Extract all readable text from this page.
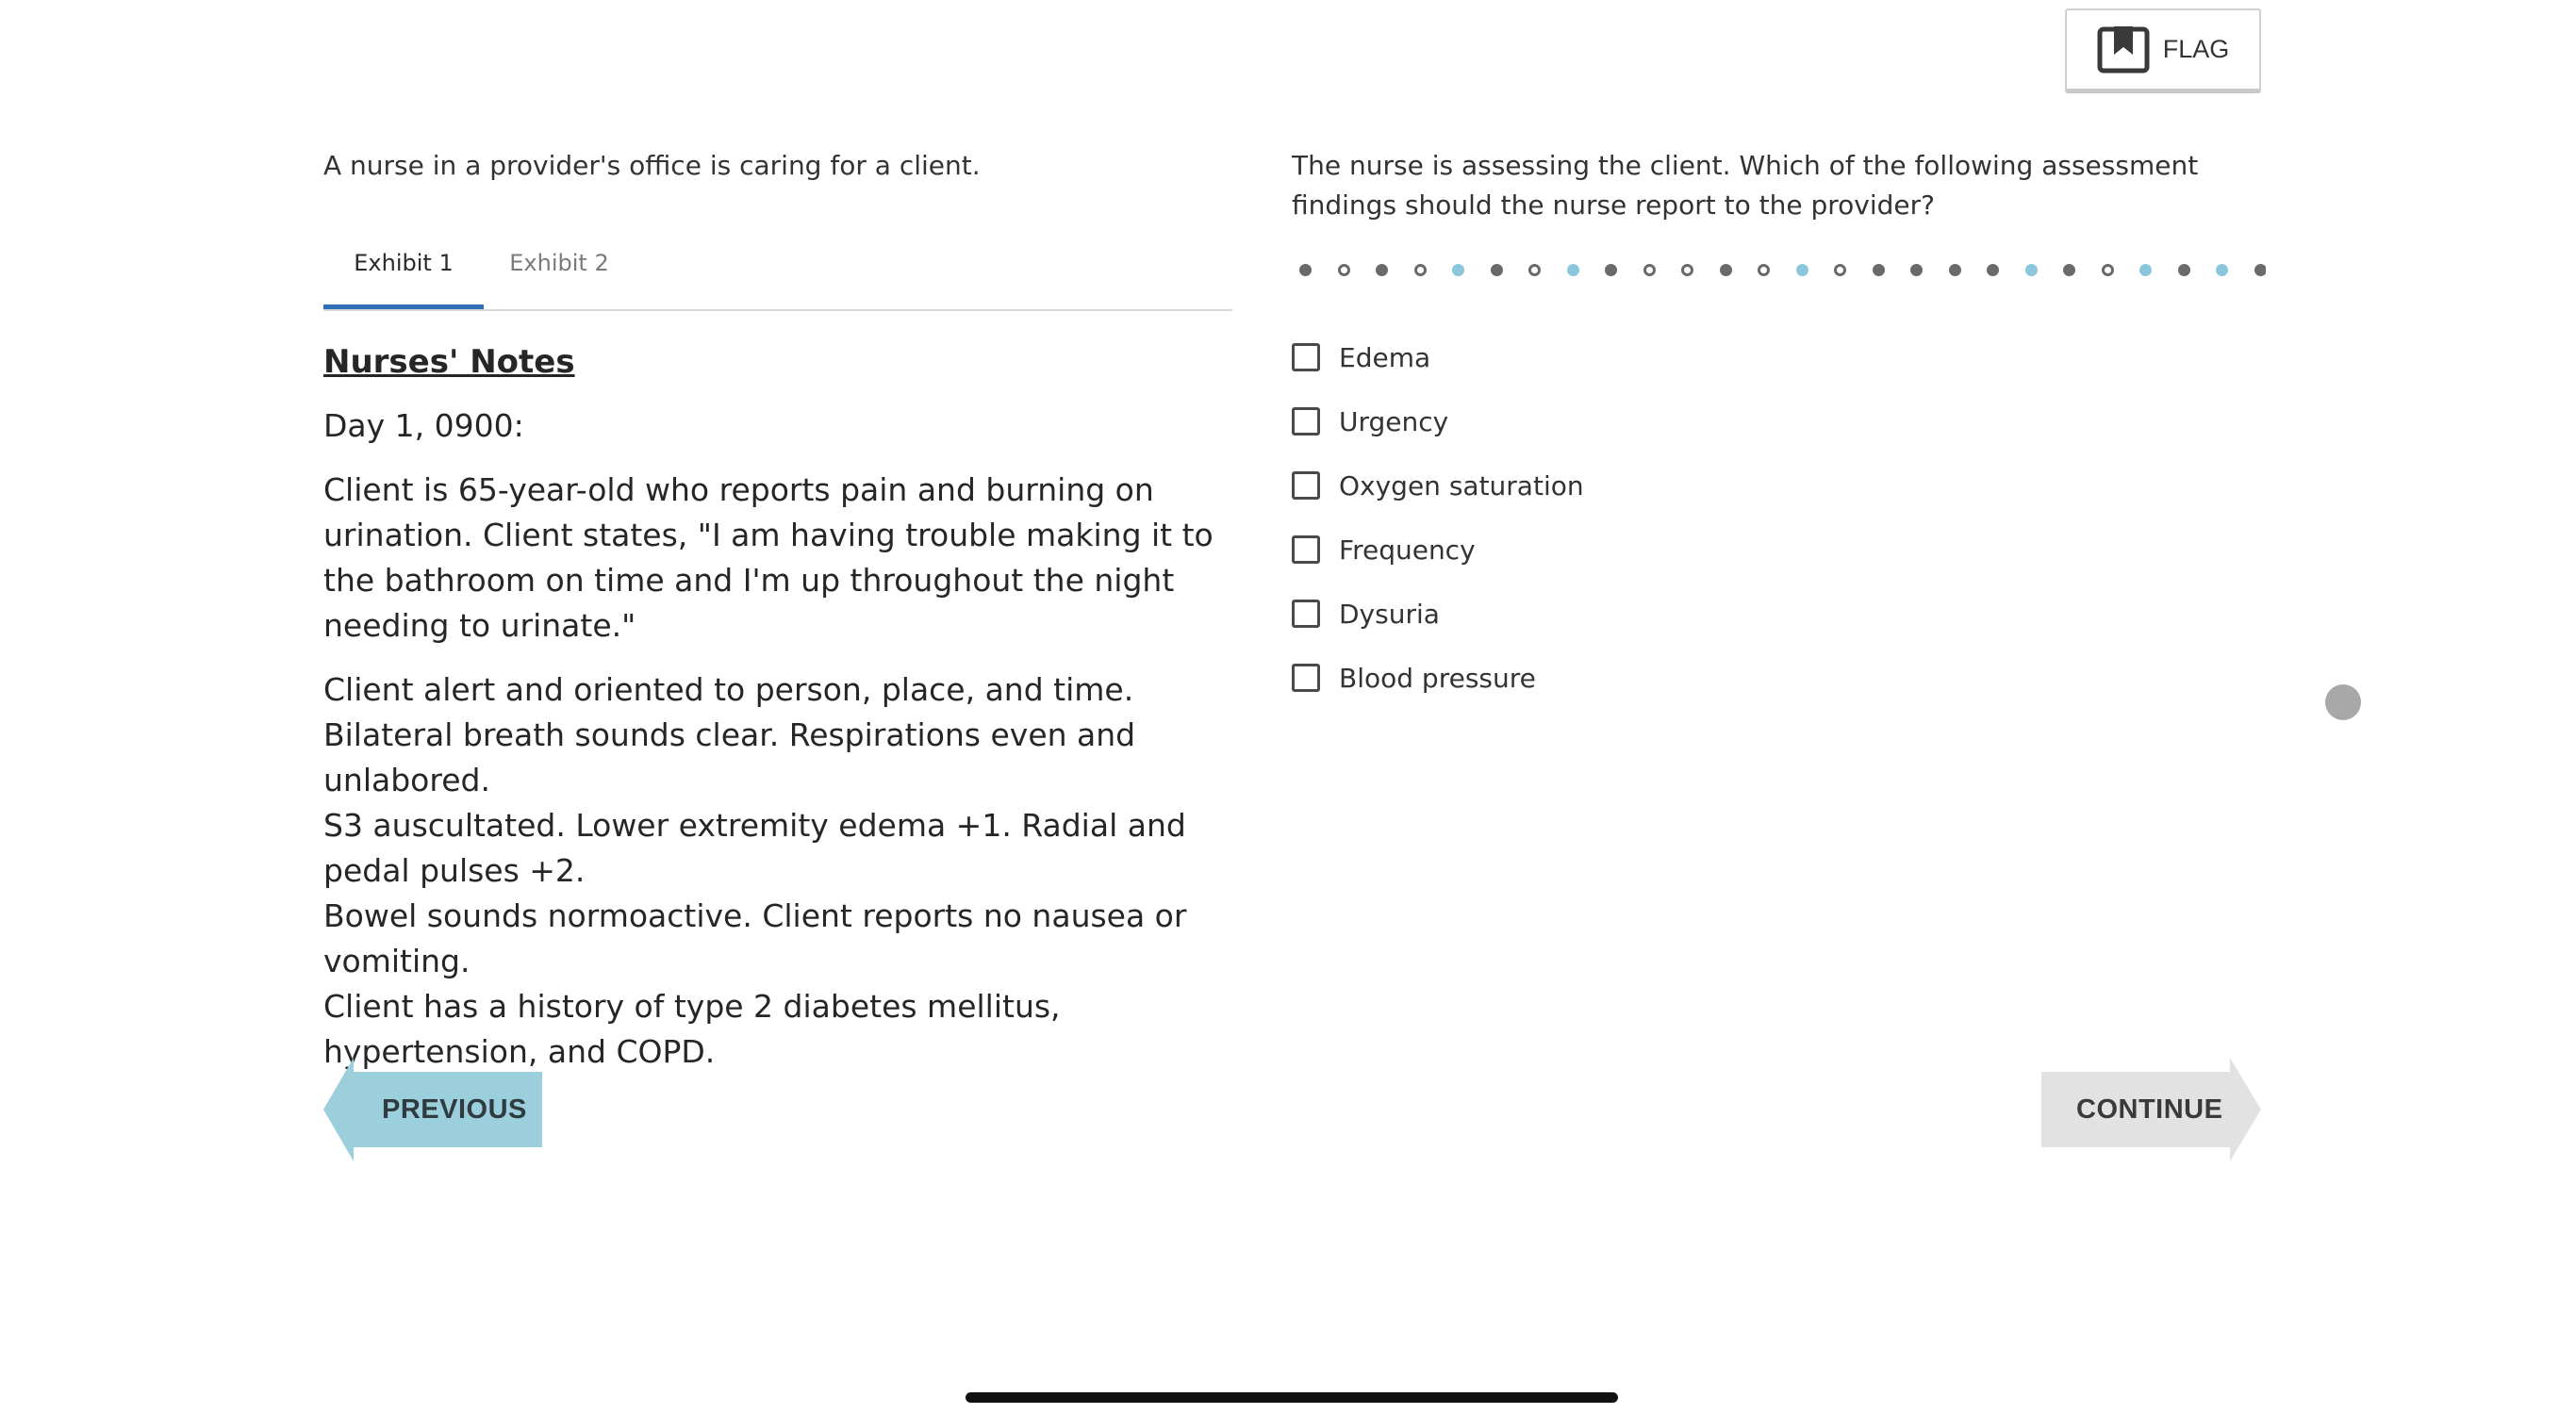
FLAG
A nurse in a provider's office is caring for a client.
Exhibit 1	Exhibit 2
Nurses' Notes

Day 1, 0900:

Client is 65-year-old who reports pain and burning on urination. Client states, "I am having trouble making it to the bathroom on time and I'm up throughout the night needing to urinate."

Client alert and oriented to person, place, and time.
Bilateral breath sounds clear. Respirations even and unlabored.
S3 auscultated. Lower extremity edema +1. Radial and pedal pulses +2.
Bowel sounds normoactive. Client reports no nausea or vomiting.
Client has a history of type 2 diabetes mellitus, hypertension, and COPD.

The nurse is assessing the client. Which of the following assessment findings should the nurse report to the provider?
Edema
Urgency
Oxygen saturation
Frequency
Dysuria
Blood pressure
PREVIOUS	CONTINUE
